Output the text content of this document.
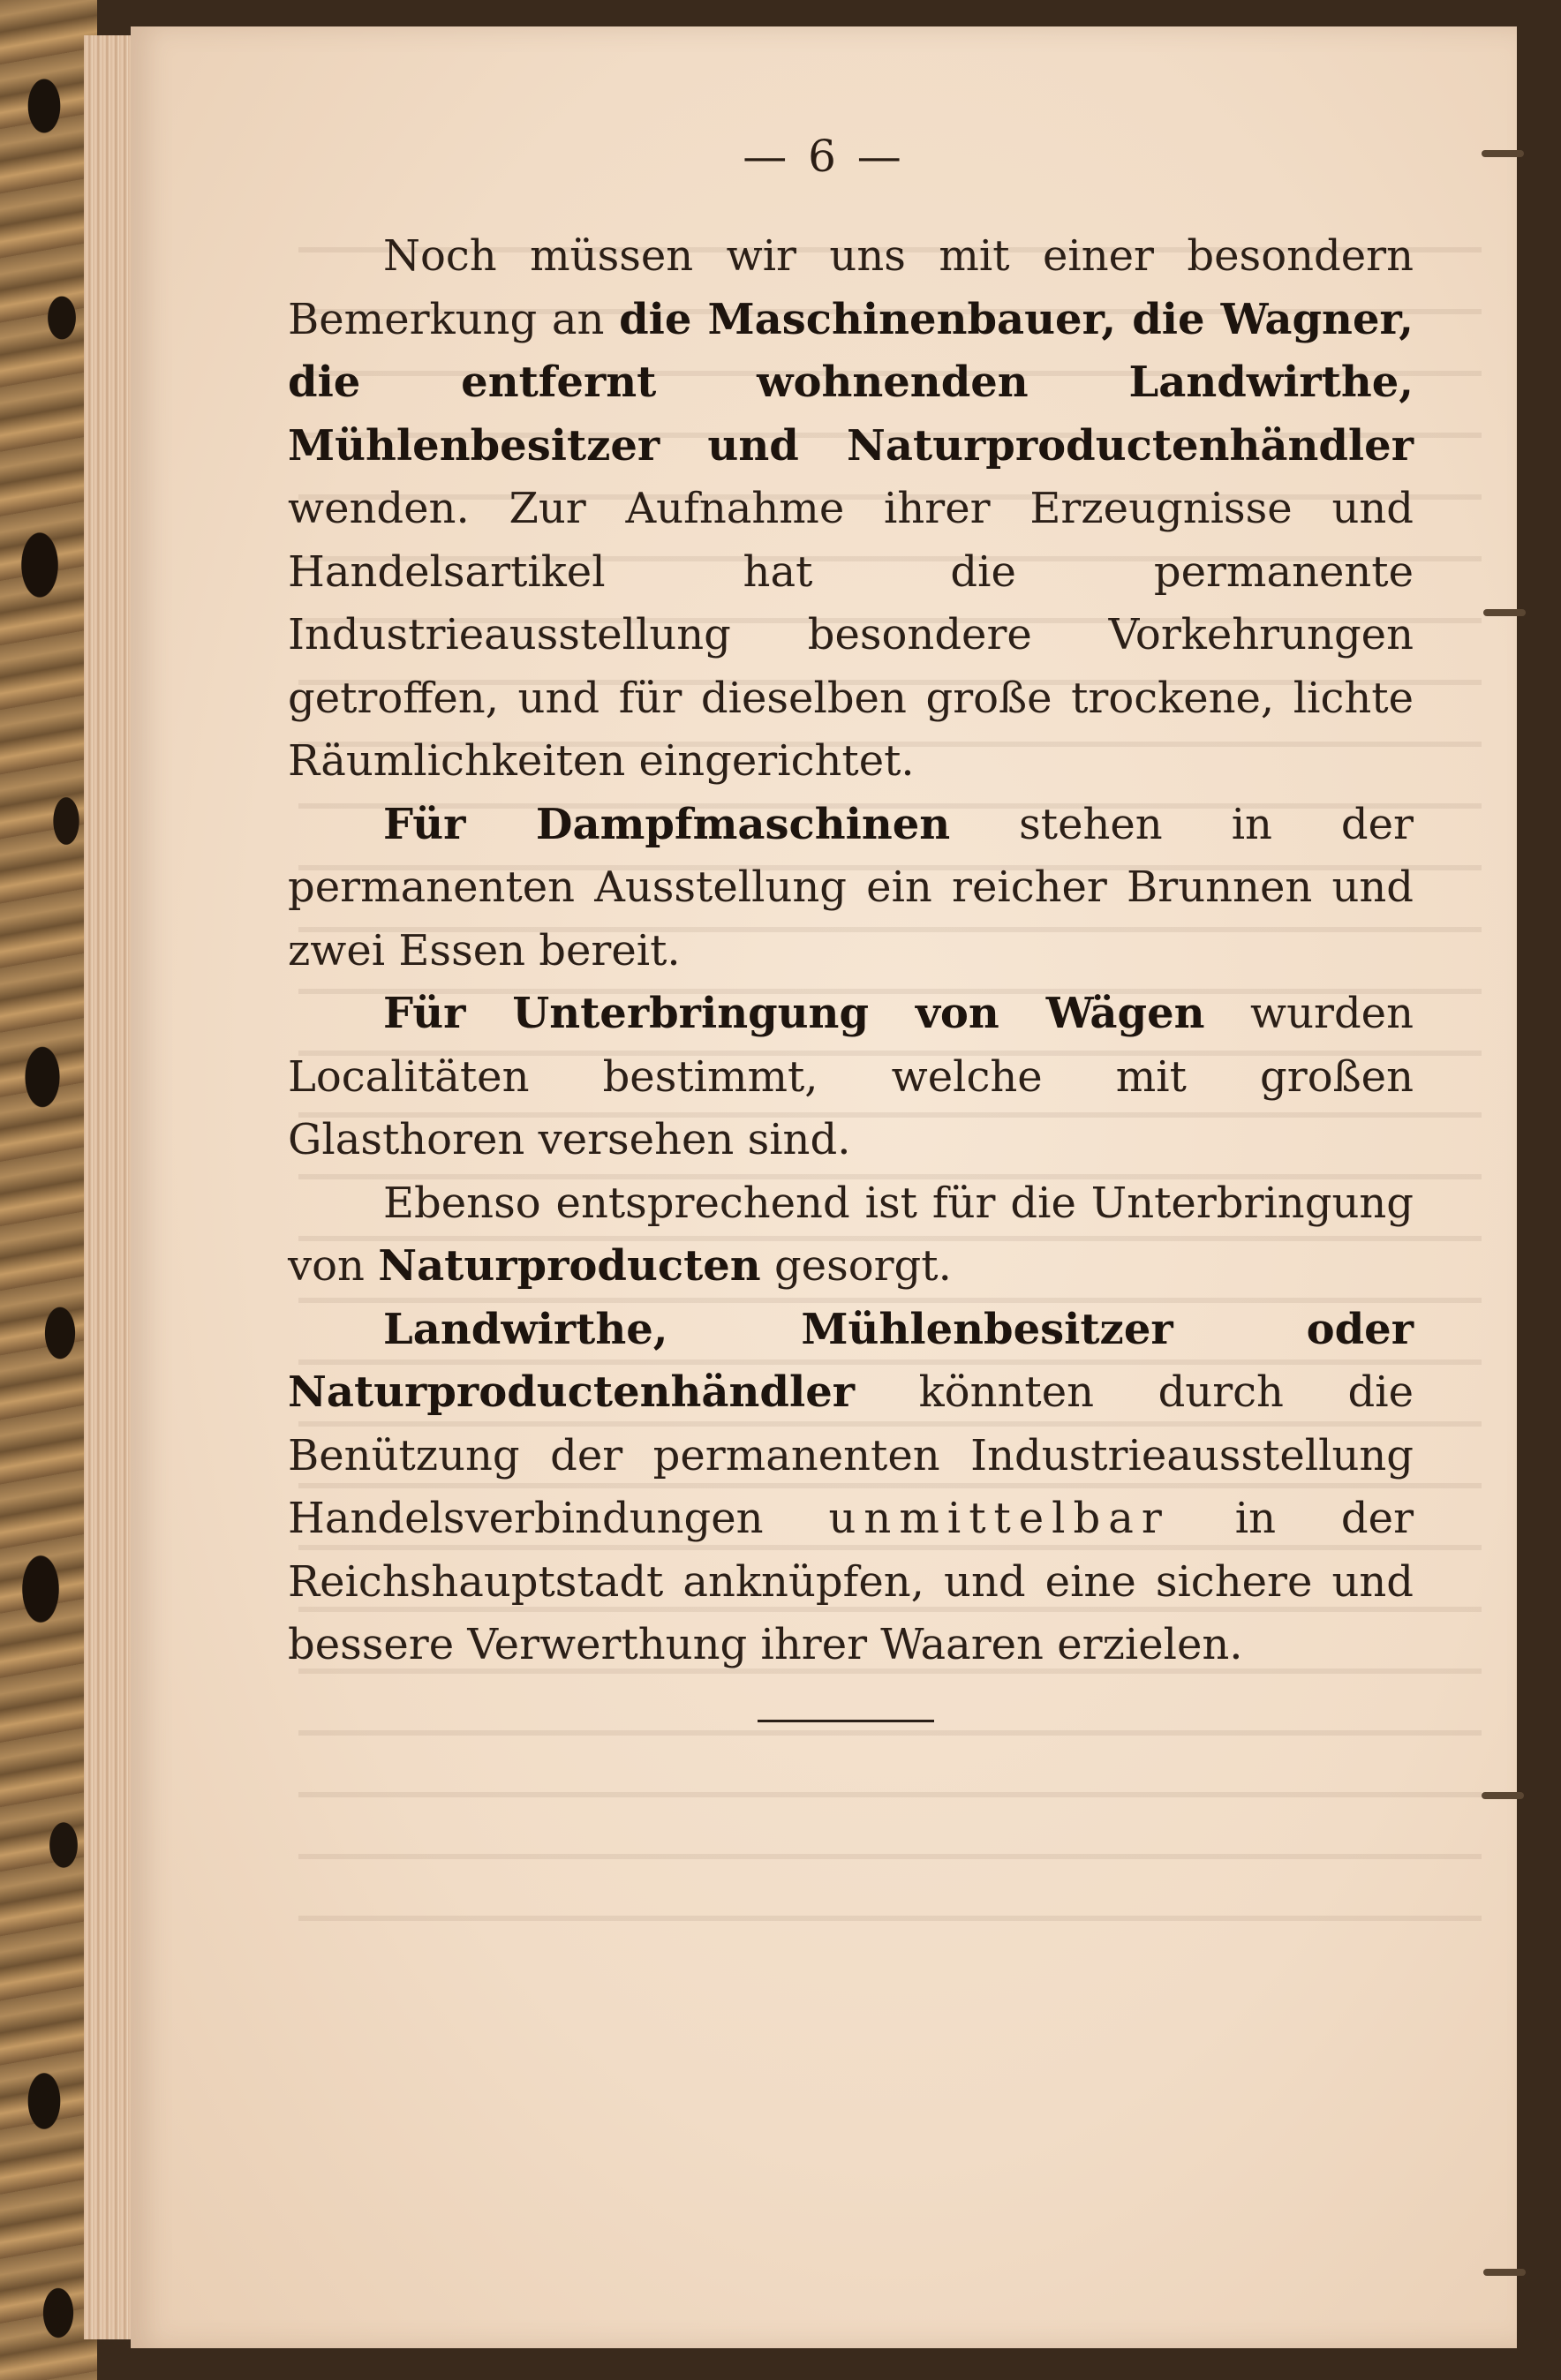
— 6 —

Noch müssen wir uns mit einer besondern Bemerkung an die Maschinenbauer, die Wagner, die entfernt wohnenden Landwirthe, Mühlenbesitzer und Naturproductenhändler wenden. Zur Aufnahme ihrer Erzeugnisse und Handelsartikel hat die permanente Industrieausstellung besondere Vorkehrungen getroffen, und für dieselben große trockene, lichte Räumlichkeiten eingerichtet.

Für Dampfmaschinen stehen in der permanenten Ausstellung ein reicher Brunnen und zwei Essen bereit.

Für Unterbringung von Wägen wurden Localitäten bestimmt, welche mit großen Glasthoren versehen sind.

Ebenso entsprechend ist für die Unterbringung von Naturproducten gesorgt.

Landwirthe, Mühlenbesitzer oder Naturproductenhändler könnten durch die Benützung der permanenten Industrieausstellung Handelsverbindungen unmittelbar in der Reichshauptstadt anknüpfen, und eine sichere und bessere Verwerthung ihrer Waaren erzielen.
